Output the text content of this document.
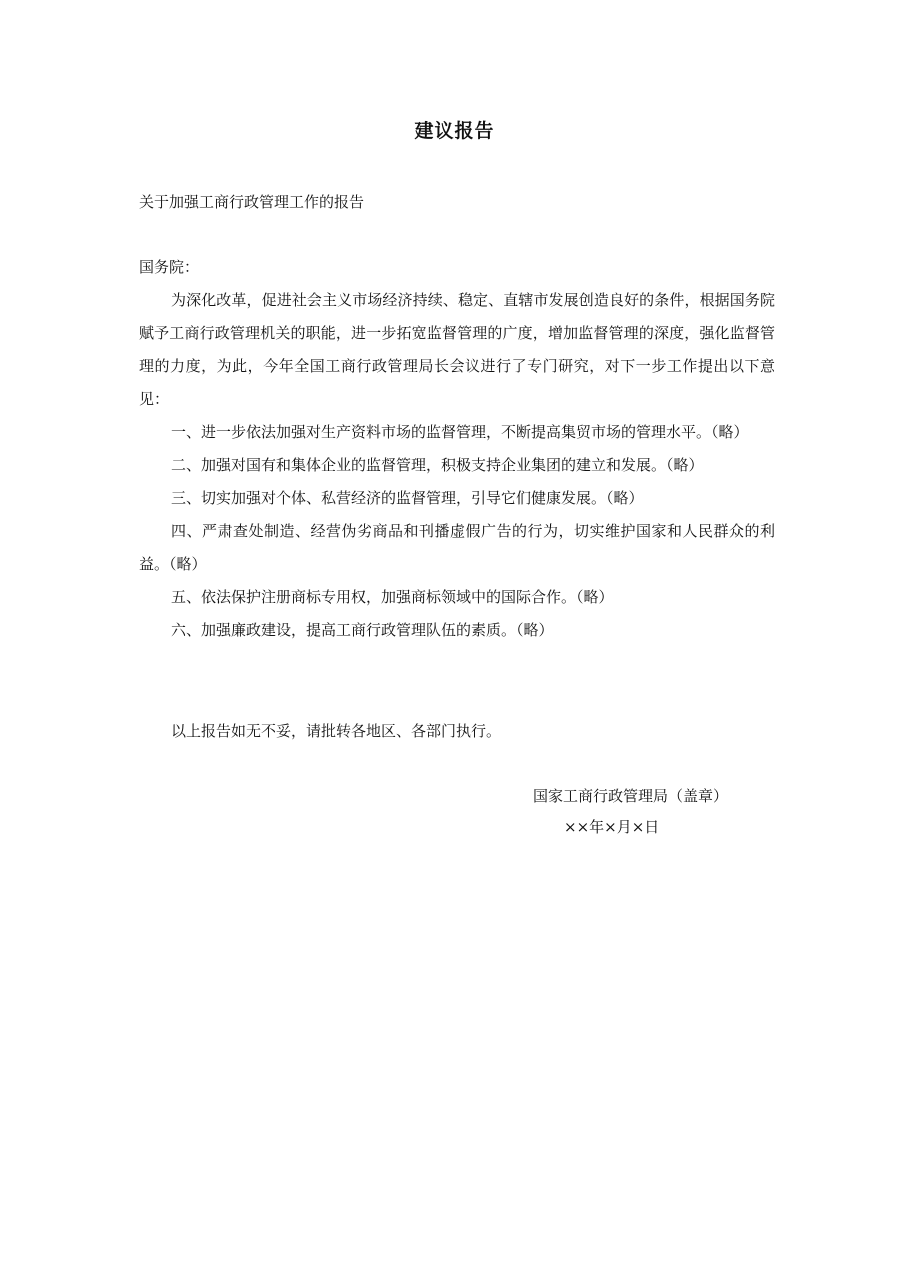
建议报告
关于加强工商行政管理工作的报告
国务院：

为深化改革，促进社会主义市场经济持续、稳定、直辖市发展创造良好的条件，根据国务院赋予工商行政管理机关的职能，进一步拓宽监督管理的广度，增加监督管理的深度，强化监督管理的力度，为此，今年全国工商行政管理局长会议进行了专门研究，对下一步工作提出以下意见：

一、进一步依法加强对生产资料市场的监督管理，不断提高集贸市场的管理水平。（略）

二、加强对国有和集体企业的监督管理，积极支持企业集团的建立和发展。（略）

三、切实加强对个体、私营经济的监督管理，引导它们健康发展。（略）

四、严肃查处制造、经营伪劣商品和刊播虚假广告的行为，切实维护国家和人民群众的利益。（略）

五、依法保护注册商标专用权，加强商标领域中的国际合作。（略）

六、加强廉政建设，提高工商行政管理队伍的素质。（略）

以上报告如无不妥，请批转各地区、各部门执行。

国家工商行政管理局（盖章）
××年×月×日
